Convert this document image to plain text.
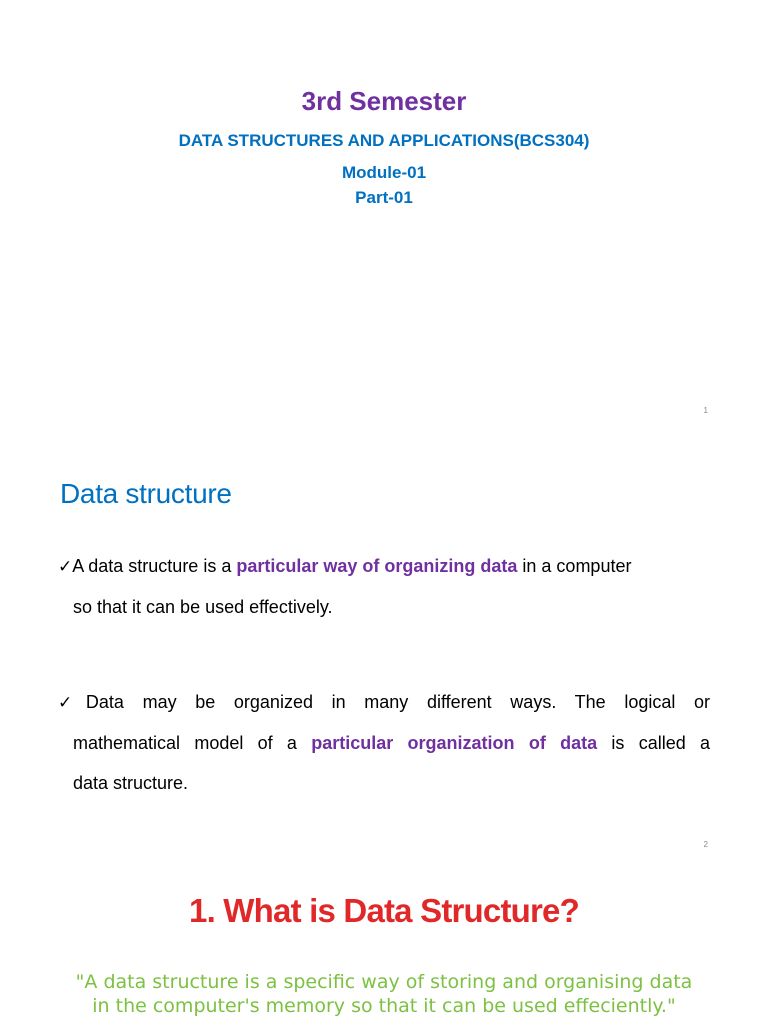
3rd Semester
DATA STRUCTURES AND APPLICATIONS(BCS304)
Module-01
Part-01
1
Data structure
✓A data structure is a particular way of organizing data in a computer
so that it can be used effectively.
✓Data may be organized in many different ways. The logical or
mathematical model of a particular organization of data is called a
data structure.
2
1. What is Data Structure?
"A data structure is a specific way of storing and organising data
in the computer's memory so that it can be used effeciently."
